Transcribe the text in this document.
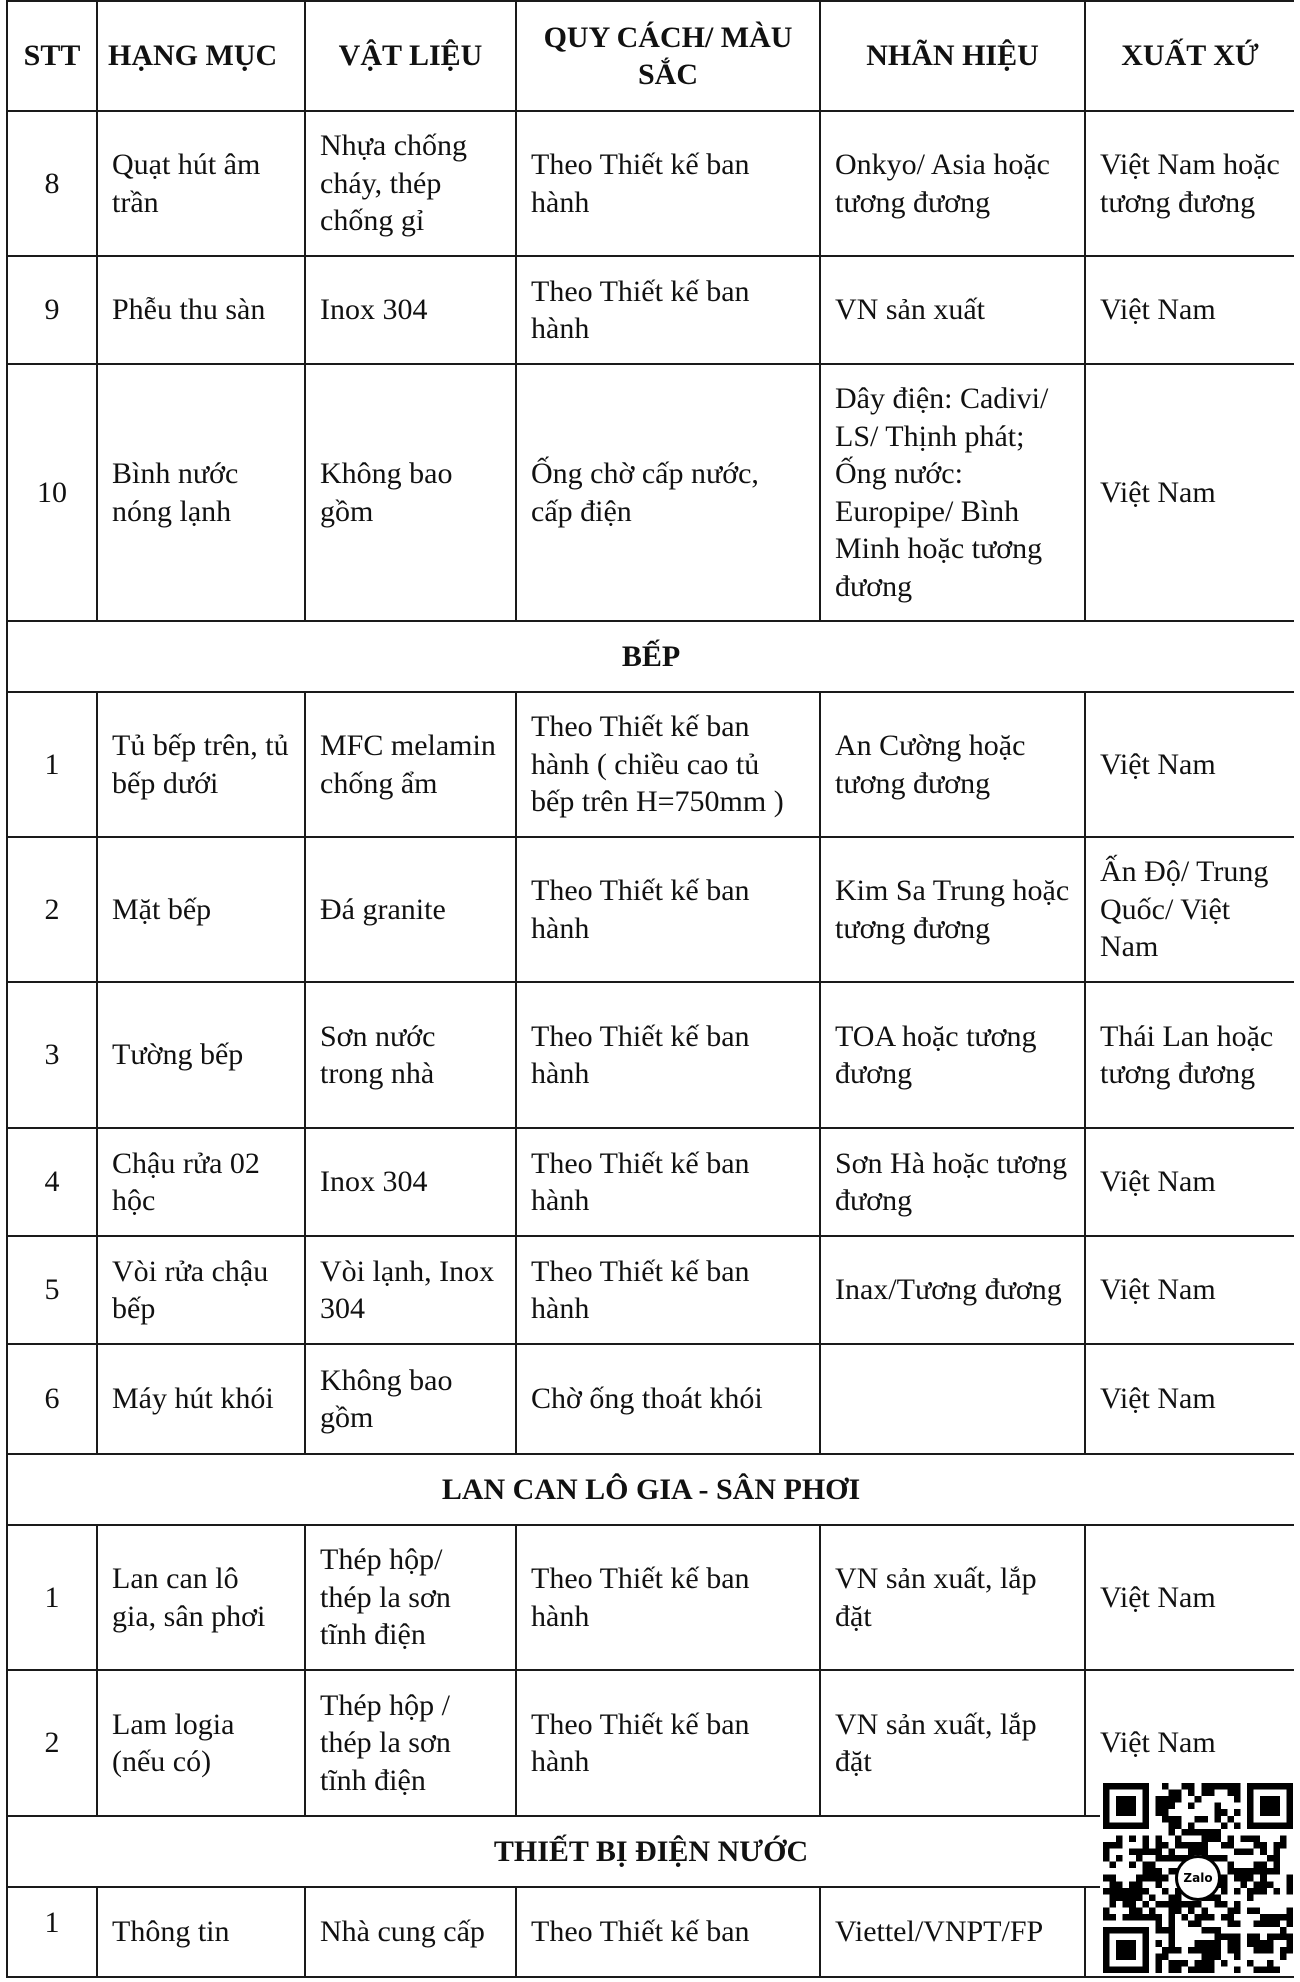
STT	HẠNG MỤC	VẬT LIỆU	QUY CÁCH/ MÀU SẮC	NHÃN HIỆU	XUẤT XỨ
8	Quạt hút âm trần	Nhựa chống cháy, thép chống gỉ	Theo Thiết kế ban hành	Onkyo/ Asia hoặc tương đương	Việt Nam hoặc tương đương
9	Phễu thu sàn	Inox 304	Theo Thiết kế ban hành	VN sản xuất	Việt Nam
10	Bình nước nóng lạnh	Không bao gồm	Ống chờ cấp nước, cấp điện	Dây điện: Cadivi/ LS/ Thịnh phát; Ống nước: Europipe/ Bình Minh hoặc tương đương	Việt Nam
BẾP					
1	Tủ bếp trên, tủ bếp dưới	MFC melamin chống ẩm	Theo Thiết kế ban hành ( chiều cao tủ bếp trên H=750mm )	An Cường hoặc tương đương	Việt Nam
2	Mặt bếp	Đá granite	Theo Thiết kế ban hành	Kim Sa Trung hoặc tương đương	Ấn Độ/ Trung Quốc/ Việt Nam
3	Tường bếp	Sơn nước trong nhà	Theo Thiết kế ban hành	TOA hoặc tương đương	Thái Lan hoặc tương đương
4	Chậu rửa 02 hộc	Inox 304	Theo Thiết kế ban hành	Sơn Hà hoặc tương đương	Việt Nam
5	Vòi rửa chậu bếp	Vòi lạnh, Inox 304	Theo Thiết kế ban hành	Inax/Tương đương	Việt Nam
6	Máy hút khói	Không bao gồm	Chờ ống thoát khói		Việt Nam
LAN CAN LÔ GIA - SÂN PHƠI					
1	Lan can lô gia, sân phơi	Thép hộp/ thép la sơn tĩnh điện	Theo Thiết kế ban hành	VN sản xuất, lắp đặt	Việt Nam
2	Lam logia (nếu có)	Thép hộp / thép la sơn tĩnh điện	Theo Thiết kế ban hành	VN sản xuất, lắp đặt	Việt Nam
THIẾT BỊ ĐIỆN NƯỚC					
1	Thông tin	Nhà cung cấp	Theo Thiết kế ban	Viettel/VNPT/FP	
Zalo
